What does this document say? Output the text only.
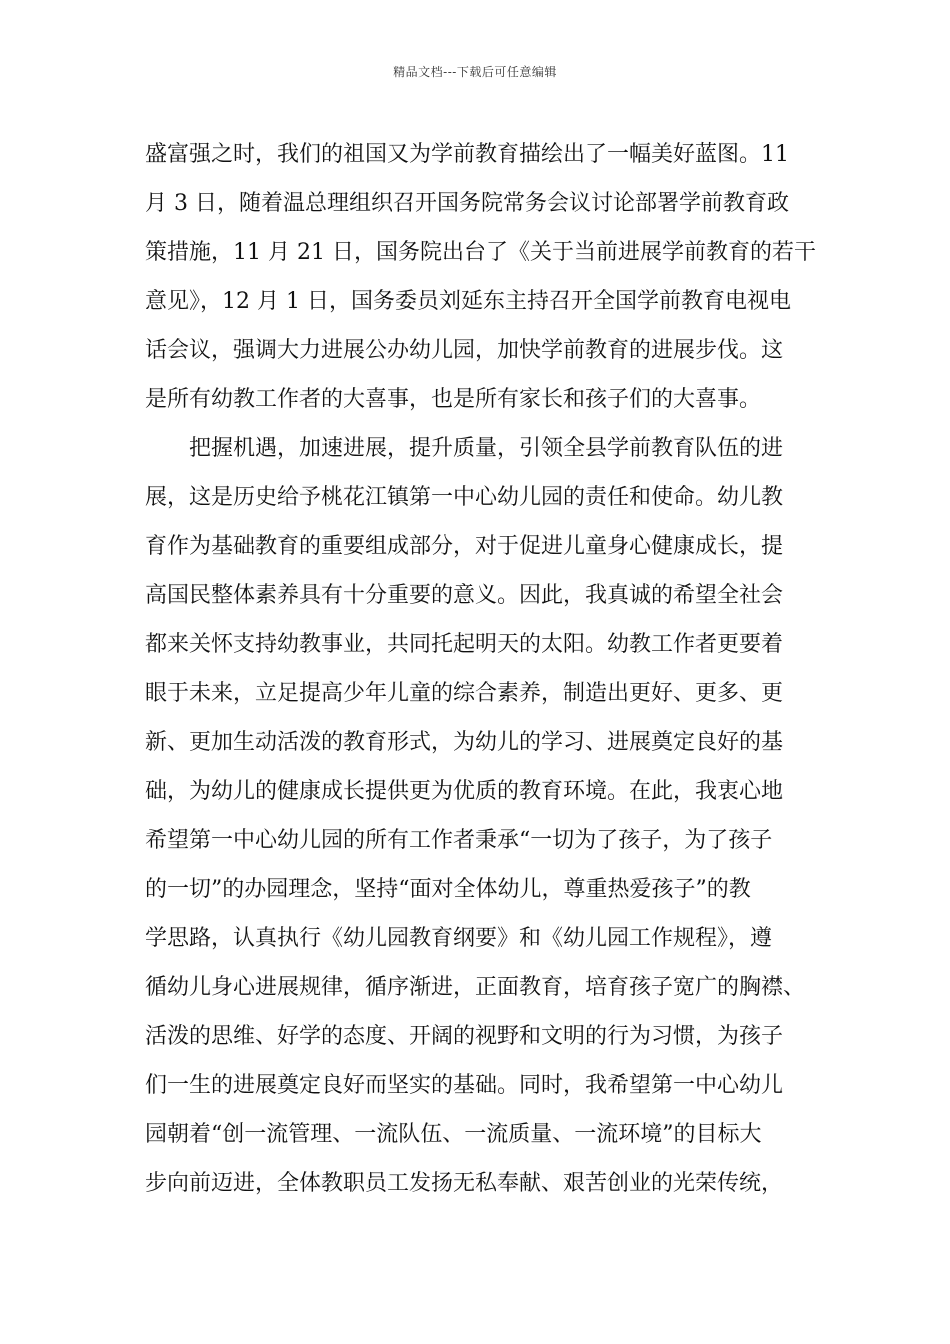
精品文档---下载后可任意编辑
盛富强之时，我们的祖国又为学前教育描绘出了一幅美好蓝图。11
月 3 日，随着温总理组织召开国务院常务会议讨论部署学前教育政
策措施，11 月 21 日，国务院出台了《关于当前进展学前教育的若干
意见》，12 月 1 日，国务委员刘延东主持召开全国学前教育电视电
话会议，强调大力进展公办幼儿园，加快学前教育的进展步伐。这
是所有幼教工作者的大喜事，也是所有家长和孩子们的大喜事。
　　把握机遇，加速进展，提升质量，引领全县学前教育队伍的进
展，这是历史给予桃花江镇第一中心幼儿园的责任和使命。幼儿教
育作为基础教育的重要组成部分，对于促进儿童身心健康成长，提
高国民整体素养具有十分重要的意义。因此，我真诚的希望全社会
都来关怀支持幼教事业，共同托起明天的太阳。幼教工作者更要着
眼于未来，立足提高少年儿童的综合素养，制造出更好、更多、更
新、更加生动活泼的教育形式，为幼儿的学习、进展奠定良好的基
础，为幼儿的健康成长提供更为优质的教育环境。在此，我衷心地
希望第一中心幼儿园的所有工作者秉承“一切为了孩子，为了孩子
的一切”的办园理念，坚持“面对全体幼儿，尊重热爱孩子”的教
学思路，认真执行《幼儿园教育纲要》和《幼儿园工作规程》，遵
循幼儿身心进展规律，循序渐进，正面教育，培育孩子宽广的胸襟、
活泼的思维、好学的态度、开阔的视野和文明的行为习惯，为孩子
们一生的进展奠定良好而坚实的基础。同时，我希望第一中心幼儿
园朝着“创一流管理、一流队伍、一流质量、一流环境”的目标大
步向前迈进，全体教职员工发扬无私奉献、艰苦创业的光荣传统，
